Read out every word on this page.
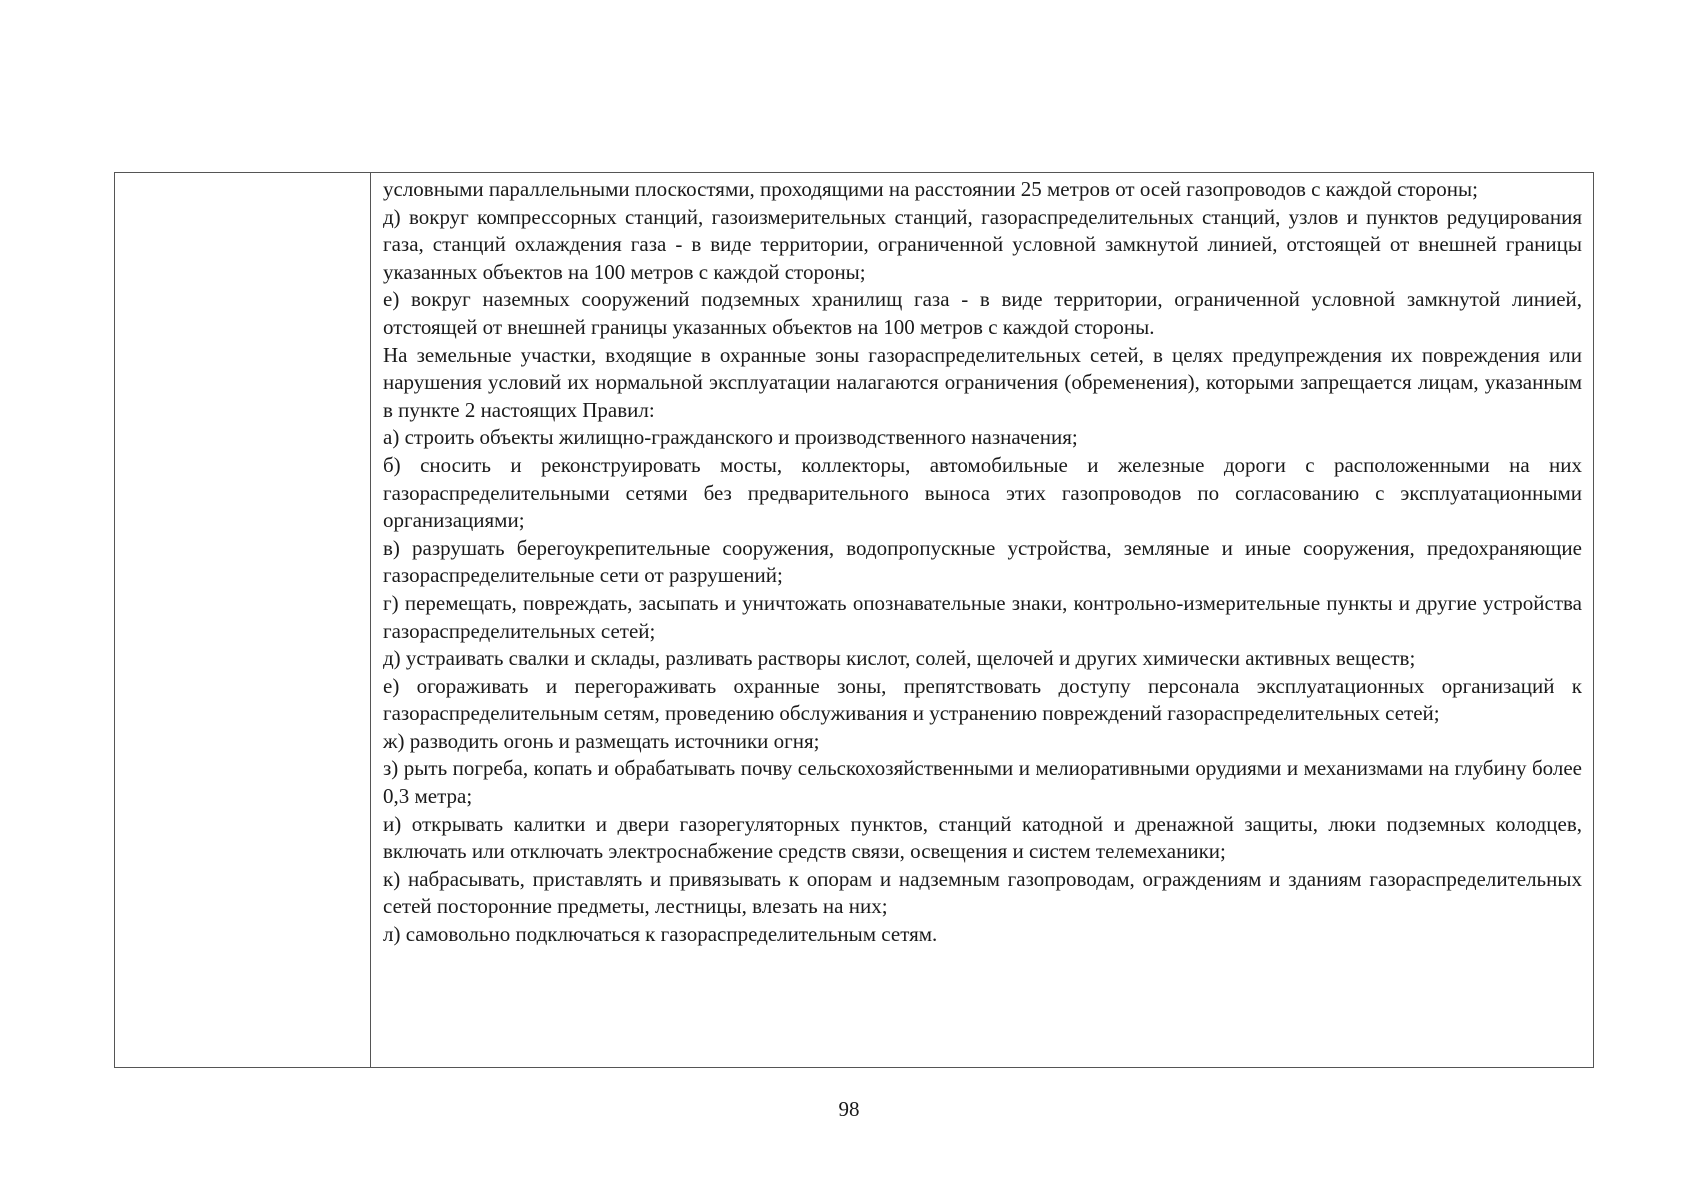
условными параллельными плоскостями, проходящими на расстоянии 25 метров от осей газопроводов с каждой стороны;

д) вокруг компрессорных станций, газоизмерительных станций, газораспределительных станций, узлов и пунктов редуцирования газа, станций охлаждения газа - в виде территории, ограниченной условной замкнутой линией, отстоящей от внешней границы указанных объектов на 100 метров с каждой стороны;

е) вокруг наземных сооружений подземных хранилищ газа - в виде территории, ограниченной условной замкнутой линией, отстоящей от внешней границы указанных объектов на 100 метров с каждой стороны.

На земельные участки, входящие в охранные зоны газораспределительных сетей, в целях предупреждения их повреждения или нарушения условий их нормальной эксплуатации налагаются ограничения (обременения), которыми запрещается лицам, указанным в пункте 2 настоящих Правил:

а) строить объекты жилищно-гражданского и производственного назначения;

б) сносить и реконструировать мосты, коллекторы, автомобильные и железные дороги с расположенными на них газораспределительными сетями без предварительного выноса этих газопроводов по согласованию с эксплуатационными организациями;

в) разрушать берегоукрепительные сооружения, водопропускные устройства, земляные и иные сооружения, предохраняющие газораспределительные сети от разрушений;

г) перемещать, повреждать, засыпать и уничтожать опознавательные знаки, контрольно-измерительные пункты и другие устройства газораспределительных сетей;

д) устраивать свалки и склады, разливать растворы кислот, солей, щелочей и других химически активных веществ;

е) огораживать и перегораживать охранные зоны, препятствовать доступу персонала эксплуатационных организаций к газораспределительным сетям, проведению обслуживания и устранению повреждений газораспределительных сетей;

ж) разводить огонь и размещать источники огня;

з) рыть погреба, копать и обрабатывать почву сельскохозяйственными и мелиоративными орудиями и механизмами на глубину более 0,3 метра;

и) открывать калитки и двери газорегуляторных пунктов, станций катодной и дренажной защиты, люки подземных колодцев, включать или отключать электроснабжение средств связи, освещения и систем телемеханики;

к) набрасывать, приставлять и привязывать к опорам и надземным газопроводам, ограждениям и зданиям газораспределительных сетей посторонние предметы, лестницы, влезать на них;

л) самовольно подключаться к газораспределительным сетям.

98
